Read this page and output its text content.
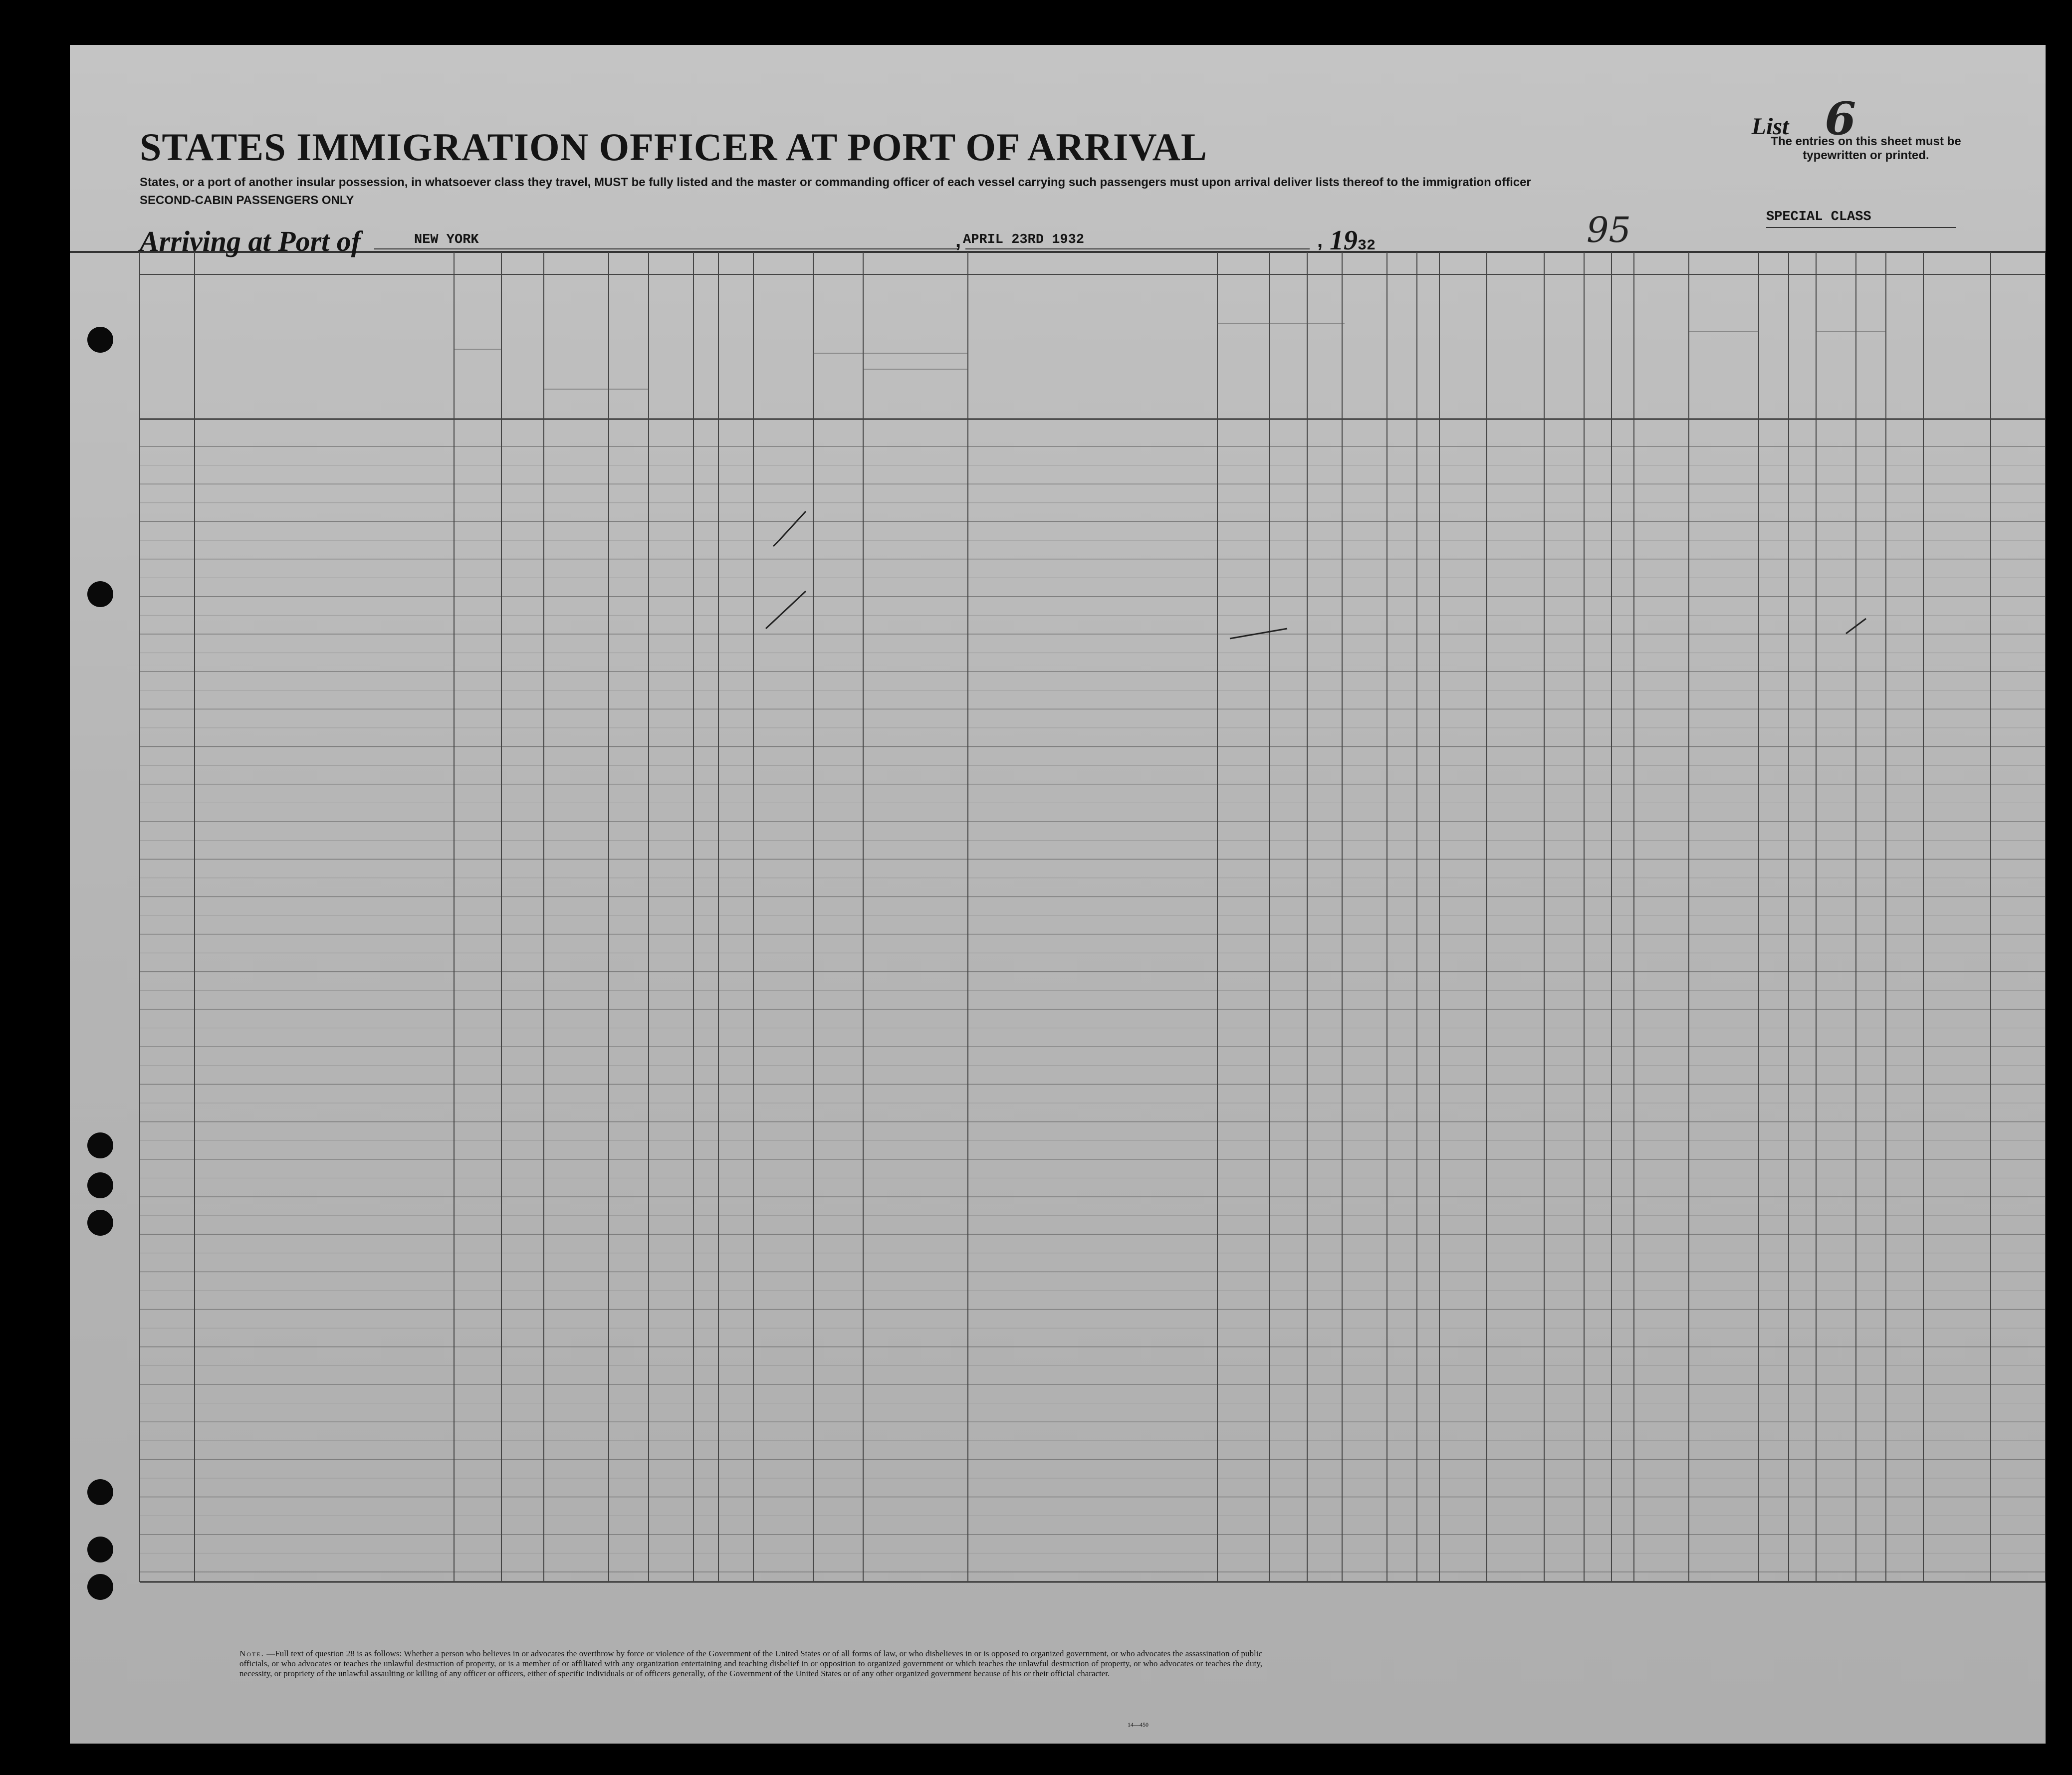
List 6
The entries on this sheet must be typewritten or printed.
STATES IMMIGRATION OFFICER AT PORT OF ARRIVAL
States, or a port of another insular possession, in whatsoever class they travel, MUST be fully listed and the master or commanding officer of each vessel carrying such passengers must upon arrival deliver lists thereof to the immigration officer
SECOND-CABIN PASSENGERS ONLY
Arriving at Port of	NEW YORK	APRIL 23RD 1932
,	, 1932	95	SPECIAL CLASS
Note. —Full text of question 28 is as follows: Whether a person who believes in or advocates the overthrow by force or violence of the Government of the United States or of all forms of law, or who disbelieves in or is opposed to organized government, or who advocates the assassination of public officials, or who advocates or teaches the unlawful destruction of property, or is a member of or affiliated with any organization entertaining and teaching disbelief in or opposition to organized government or which teaches the unlawful destruction of property, or who advocates or teaches the duty, necessity, or propriety of the unlawful assaulting or killing of any officer or officers, either of specific individuals or of officers generally, of the Government of the United States or of any other organized government because of his or their official character.
14—450
